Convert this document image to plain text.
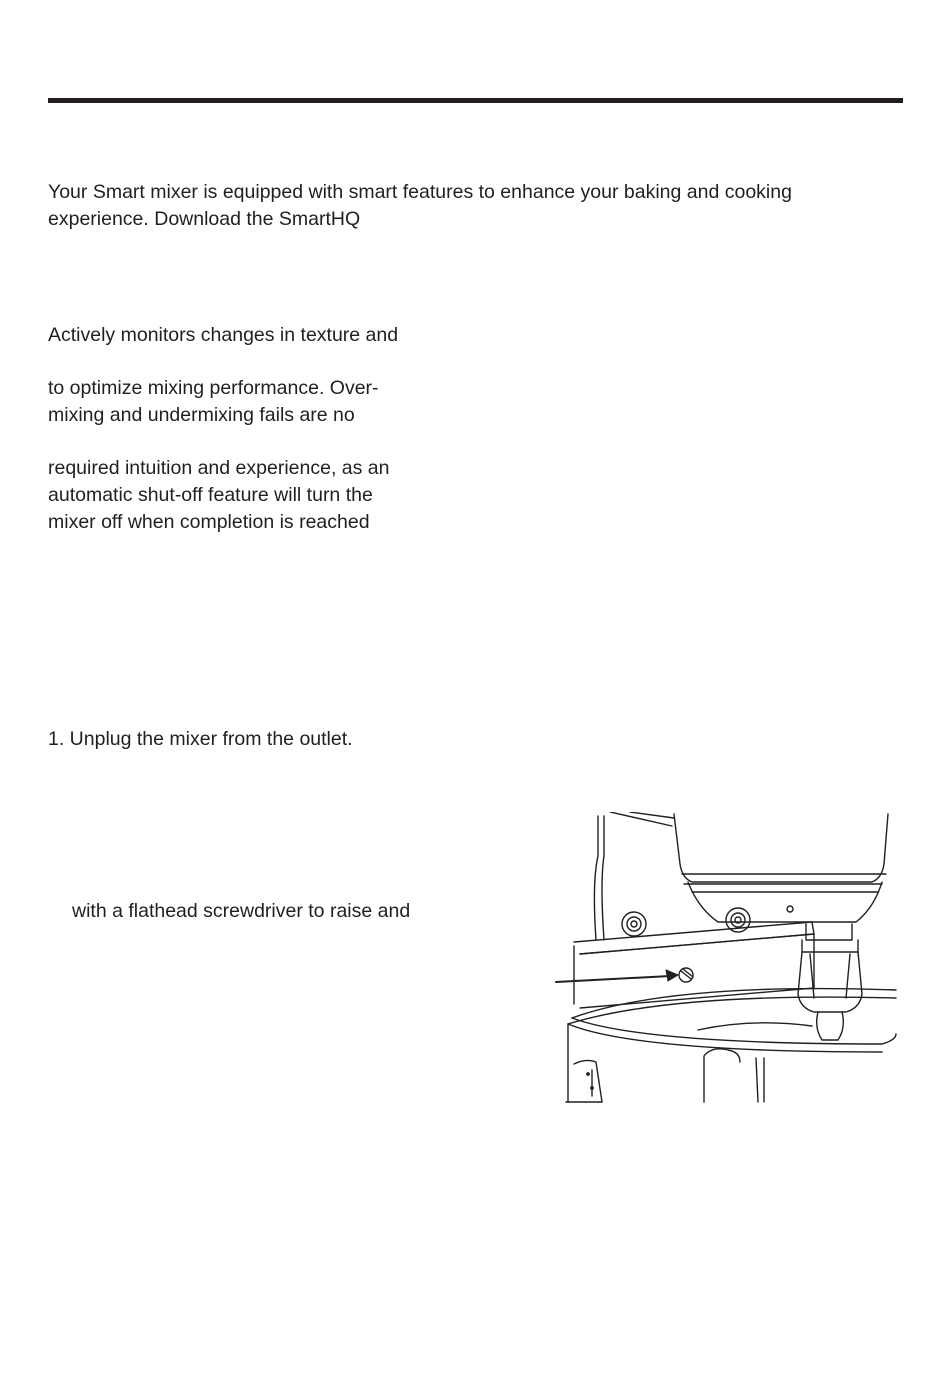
Your Smart mixer is equipped with smart features to enhance your baking and cooking
experience. Download the SmartHQ
Actively monitors changes in texture and
to optimize mixing performance. Over-
mixing and undermixing fails are no
required intuition and experience, as an
automatic shut-off feature will turn the
mixer off when completion is reached
1. Unplug the mixer from the outlet.
with a flathead screwdriver to raise and
